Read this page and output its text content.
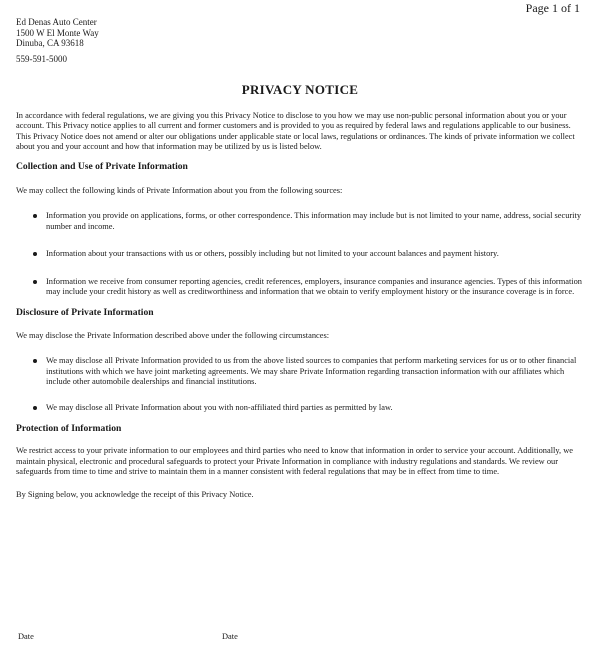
Page 1 of 1
Ed Denas Auto Center
1500 W El Monte Way
Dinuba, CA 93618
559-591-5000
PRIVACY NOTICE

In accordance with federal regulations, we are giving you this Privacy Notice to disclose to you how we may use non-public personal information about you or your account. This Privacy notice applies to all current and former customers and is provided to you as required by federal laws and regulations applicable to our business. This Privacy Notice does not amend or alter our obligations under applicable state or local laws, regulations or ordinances. The kinds of private information we collect about you and your account and how that information may be utilized by us is listed below.

Collection and Use of Private Information

We may collect the following kinds of Private Information about you from the following sources:

Information you provide on applications, forms, or other correspondence. This information may include but is not limited to your name, address, social security number and income.
Information about your transactions with us or others, possibly including but not limited to your account balances and payment history.
Information we receive from consumer reporting agencies, credit references, employers, insurance companies and insurance agencies. Types of this information may include your credit history as well as creditworthiness and information that we obtain to verify employment history or the insurance coverage is in force.

Disclosure of Private Information

We may disclose the Private Information described above under the following circumstances:

We may disclose all Private Information provided to us from the above listed sources to companies that perform marketing services for us or to other financial institutions with which we have joint marketing agreements. We may share Private Information regarding transaction information with our affiliates which include other automobile dealerships and financial institutions.
We may disclose all Private Information about you with non-affiliated third parties as permitted by law.

Protection of Information

We restrict access to your private information to our employees and third parties who need to know that information in order to service your account. Additionally, we maintain physical, electronic and procedural safeguards to protect your Private Information in compliance with industry regulations and standards. We review our safeguards from time to time and strive to maintain them in a manner consistent with federal regulations that may be in effect from time to time.

By Signing below, you acknowledge the receipt of this Privacy Notice.

Date	Date
